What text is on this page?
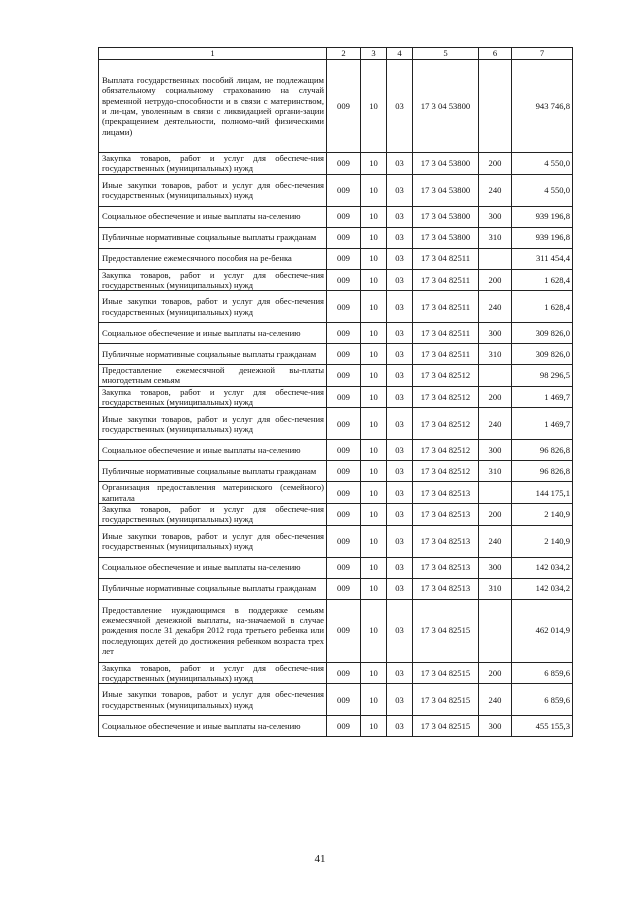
1	2	3	4	5	6	7
Выплата государственных пособий лицам, не подлежащим обязательному социальному страхованию на случай временной нетрудо-способности и в связи с материнством, и ли-цам, уволенным в связи с ликвидацией органи-зации (прекращением деятельности, полномо-чий физическими лицами)	009	10	03	17 3 04 53800		943 746,8
Закупка товаров, работ и услуг для обеспече-ния государственных (муниципальных) нужд	009	10	03	17 3 04 53800	200	4 550,0
Иные закупки товаров, работ и услуг для обес-печения государственных (муниципальных) нужд	009	10	03	17 3 04 53800	240	4 550,0
Социальное обеспечение и иные выплаты на-селению	009	10	03	17 3 04 53800	300	939 196,8
Публичные нормативные социальные выплаты гражданам	009	10	03	17 3 04 53800	310	939 196,8
Предоставление ежемесячного пособия на ре-бенка	009	10	03	17 3 04 82511		311 454,4
Закупка товаров, работ и услуг для обеспече-ния государственных (муниципальных) нужд	009	10	03	17 3 04 82511	200	1 628,4
Иные закупки товаров, работ и услуг для обес-печения государственных (муниципальных) нужд	009	10	03	17 3 04 82511	240	1 628,4
Социальное обеспечение и иные выплаты на-селению	009	10	03	17 3 04 82511	300	309 826,0
Публичные нормативные социальные выплаты гражданам	009	10	03	17 3 04 82511	310	309 826,0
Предоставление ежемесячной денежной вы-платы многодетным семьям	009	10	03	17 3 04 82512		98 296,5
Закупка товаров, работ и услуг для обеспече-ния государственных (муниципальных) нужд	009	10	03	17 3 04 82512	200	1 469,7
Иные закупки товаров, работ и услуг для обес-печения государственных (муниципальных) нужд	009	10	03	17 3 04 82512	240	1 469,7
Социальное обеспечение и иные выплаты на-селению	009	10	03	17 3 04 82512	300	96 826,8
Публичные нормативные социальные выплаты гражданам	009	10	03	17 3 04 82512	310	96 826,8
Организация предоставления материнского (семейного) капитала	009	10	03	17 3 04 82513		144 175,1
Закупка товаров, работ и услуг для обеспече-ния государственных (муниципальных) нужд	009	10	03	17 3 04 82513	200	2 140,9
Иные закупки товаров, работ и услуг для обес-печения государственных (муниципальных) нужд	009	10	03	17 3 04 82513	240	2 140,9
Социальное обеспечение и иные выплаты на-селению	009	10	03	17 3 04 82513	300	142 034,2
Публичные нормативные социальные выплаты гражданам	009	10	03	17 3 04 82513	310	142 034,2
Предоставление нуждающимся в поддержке семьям ежемесячной денежной выплаты, на-значаемой в случае рождения после 31 декабря 2012 года третьего ребенка или последующих детей до достижения ребенком возраста трех лет	009	10	03	17 3 04 82515		462 014,9
Закупка товаров, работ и услуг для обеспече-ния государственных (муниципальных) нужд	009	10	03	17 3 04 82515	200	6 859,6
Иные закупки товаров, работ и услуг для обес-печения государственных (муниципальных) нужд	009	10	03	17 3 04 82515	240	6 859,6
Социальное обеспечение и иные выплаты на-селению	009	10	03	17 3 04 82515	300	455 155,3
41
